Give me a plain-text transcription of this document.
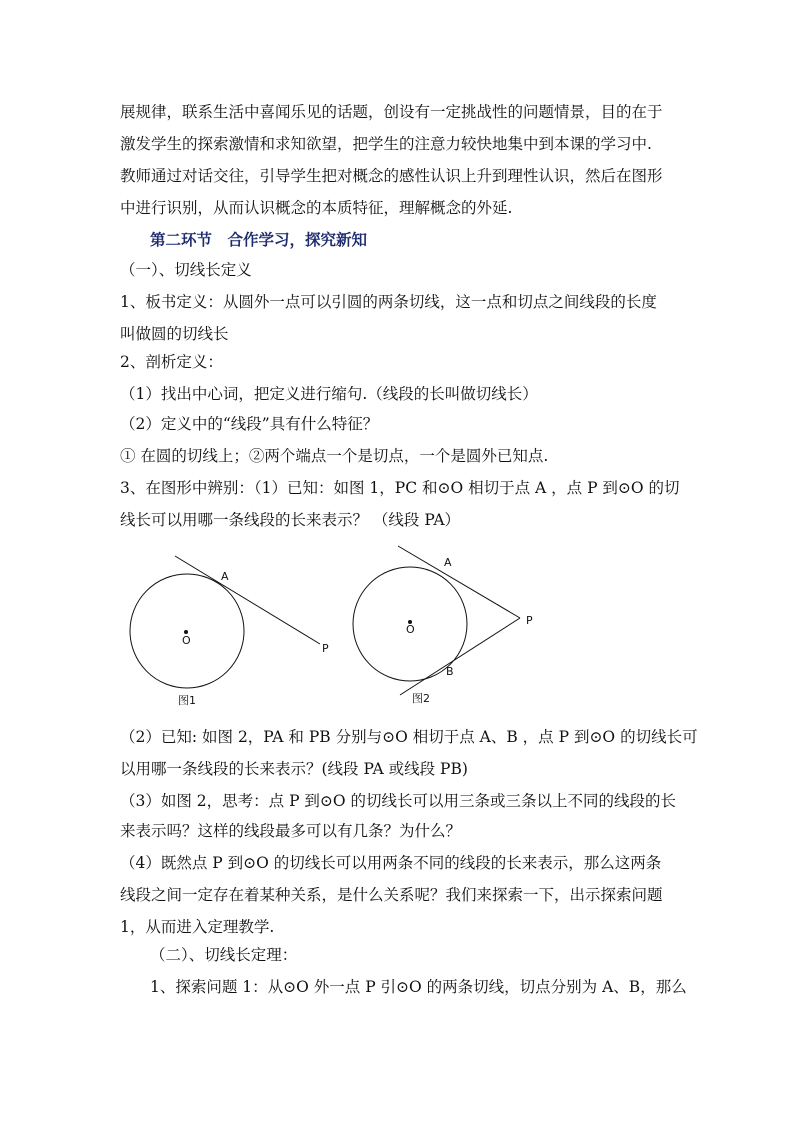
展规律，联系生活中喜闻乐见的话题，创设有一定挑战性的问题情景，目的在于
激发学生的探索激情和求知欲望，把学生的注意力较快地集中到本课的学习中.
教师通过对话交往，引导学生把对概念的感性认识上升到理性认识，然后在图形
中进行识别，从而认识概念的本质特征，理解概念的外延.
第二环节　合作学习，探究新知
（一）、切线长定义
1、板书定义：从圆外一点可以引圆的两条切线，这一点和切点之间线段的长度
叫做圆的切线长
2、剖析定义：
（1）找出中心词，把定义进行缩句.（线段的长叫做切线长）
（2）定义中的“线段”具有什么特征？
① 在圆的切线上；②两个端点一个是切点，一个是圆外已知点.
3、在图形中辨别：（1）已知：如图 1，PC 和⊙O 相切于点 A ，点 P 到⊙O 的切
线长可以用哪一条线段的长来表示？ （线段 PA）
A
O
P
图1
A
O
P
B
图2
（2）已知: 如图 2，PA 和 PB 分别与⊙O 相切于点 A、B ，点 P 到⊙O 的切线长可
以用哪一条线段的长来表示？(线段 PA 或线段 PB)
（3）如图 2，思考：点 P 到⊙O 的切线长可以用三条或三条以上不同的线段的长
来表示吗？这样的线段最多可以有几条？为什么？
（4）既然点 P 到⊙O 的切线长可以用两条不同的线段的长来表示，那么这两条
线段之间一定存在着某种关系，是什么关系呢？我们来探索一下，出示探索问题
1，从而进入定理教学.
（二）、切线长定理：
1、探索问题 1：从⊙O 外一点 P 引⊙O 的两条切线，切点分别为 A、B，那么
